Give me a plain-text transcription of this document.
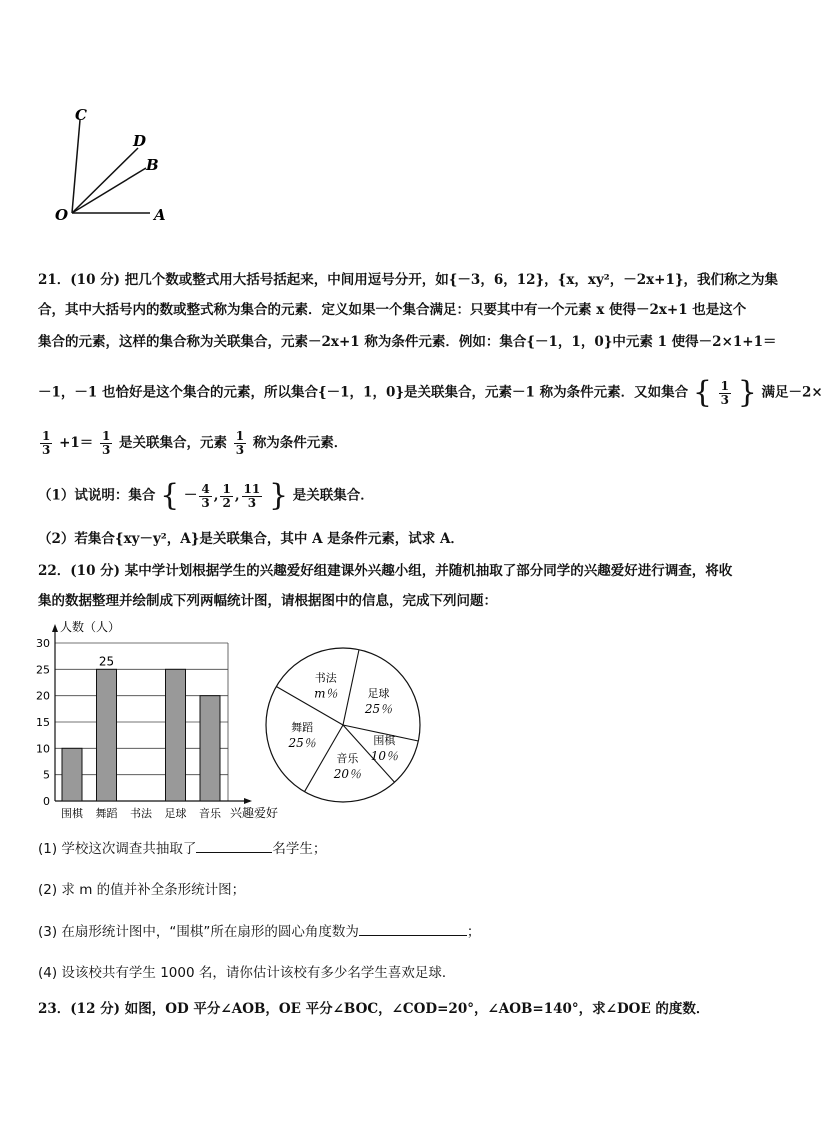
C
D
B
O	A
21．(10 分) 把几个数或整式用大括号括起来，中间用逗号分开，如{－3，6，12}，{x，xy²，－2x+1}，我们称之为集
合，其中大括号内的数或整式称为集合的元素．定义如果一个集合满足：只要其中有一个元素 x 使得－2x+1 也是这个
集合的元素，这样的集合称为关联集合，元素－2x+1 称为条件元素．例如：集合{－1，1，0}中元素 1 使得－2×1+1＝
－1，－1 也恰好是这个集合的元素，所以集合{－1，1，0}是关联集合，元素－1 称为条件元素．又如集合 { $\frac{1}{3}$ } 满足－2×
$\frac{1}{3} +1= \frac{1}{3}$ 是关联集合，元素 $\frac{1}{3}$ 称为条件元素．
（1）试说明：集合 { － $\frac{4}{3}$ , $\frac{1}{2}$ , $\frac{11}{3}$ } 是关联集合．
（2）若集合{xy－y²，A}是关联集合，其中 A 是条件元素，试求 A．
22．(10 分) 某中学计划根据学生的兴趣爱好组建课外兴趣小组，并随机抽取了部分同学的兴趣爱好进行调查，将收
集的数据整理并绘制成下列两幅统计图，请根据图中的信息，完成下列问题：
0
5
10
15
20
25
30
人数（人）
兴趣爱好
围棋 舞蹈
25
书法 足球 音乐
书法
m％	足球
25％
围棋
10％
音乐
20％
舞蹈
25％
(1) 学校这次调查共抽取了	名学生；
(2) 求 m 的值并补全条形统计图；
(3) 在扇形统计图中，“围棋”所在扇形的圆心角度数为	；
(4) 设该校共有学生 1000 名，请你估计该校有多少名学生喜欢足球．
23．(12 分) 如图，OD 平分∠AOB，OE 平分∠BOC，∠COD=20°，∠AOB=140°，求∠DOE 的度数．
